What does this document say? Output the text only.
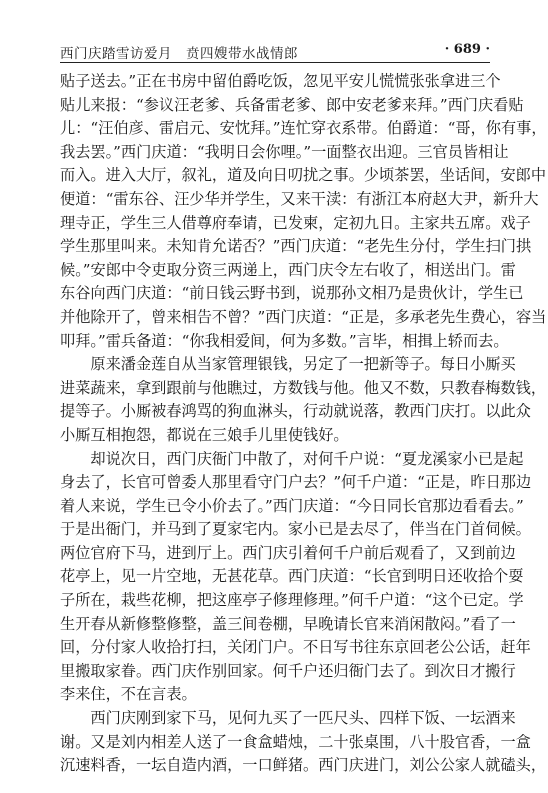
西门庆踏雪访爱月　贲四嫂带水战情郎	· 689 ·
贴子送去。”正在书房中留伯爵吃饭，忽见平安儿慌慌张张拿进三个
贴儿来报：“参议汪老爹、兵备雷老爹、郎中安老爹来拜。”西门庆看贴
儿：“汪伯彦、雷启元、安忱拜。”连忙穿衣系带。伯爵道：“哥，你有事，
我去罢。”西门庆道：“我明日会你哩。”一面整衣出迎。三官员皆相让
而入。进入大厅，叙礼，道及向日叨扰之事。少顷茶罢，坐话间，安郎中
便道：“雷东谷、汪少华并学生，又来干渎：有浙江本府赵大尹，新升大
理寺正，学生三人借尊府奉请，已发柬，定初九日。主家共五席。戏子
学生那里叫来。未知肯允诺否？”西门庆道：“老先生分付，学生扫门拱
候。”安郎中令吏取分资三两递上，西门庆令左右收了，相送出门。雷
东谷向西门庆道：“前日钱云野书到，说那孙文相乃是贵伙计，学生已
并他除开了，曾来相告不曾？”西门庆道：“正是，多承老先生费心，容当
叩拜。”雷兵备道：“你我相爱间，何为多数。”言毕，相揖上轿而去。
　　原来潘金莲自从当家管理银钱，另定了一把新等子。每日小厮买
进菜蔬来，拿到跟前与他瞧过，方数钱与他。他又不数，只教春梅数钱，
提等子。小厮被春鸿骂的狗血淋头，行动就说落，教西门庆打。以此众
小厮互相抱怨，都说在三娘手儿里使钱好。
　　却说次日，西门庆衙门中散了，对何千户说：“夏龙溪家小已是起
身去了，长官可曾委人那里看守门户去？”何千户道：“正是，昨日那边
着人来说，学生已令小价去了。”西门庆道：“今日同长官那边看看去。”
于是出衙门，并马到了夏家宅内。家小已是去尽了，伴当在门首伺候。
两位官府下马，进到厅上。西门庆引着何千户前后观看了，又到前边
花亭上，见一片空地，无甚花草。西门庆道：“长官到明日还收拾个耍
子所在，栽些花柳，把这座亭子修理修理。”何千户道：“这个已定。学
生开春从新修整修整，盖三间卷棚，早晚请长官来消闲散闷。”看了一
回，分付家人收拾打扫，关闭门户。不日写书往东京回老公公话，赶年
里搬取家眷。西门庆作别回家。何千户还归衙门去了。到次日才搬行
李来住，不在言表。
　　西门庆刚到家下马，见何九买了一匹尺头、四样下饭、一坛酒来
谢。又是刘内相差人送了一食盒蜡烛，二十张桌围，八十股官香，一盒
沉速料香，一坛自造内酒，一口鲜猪。西门庆进门，刘公公家人就磕头，
